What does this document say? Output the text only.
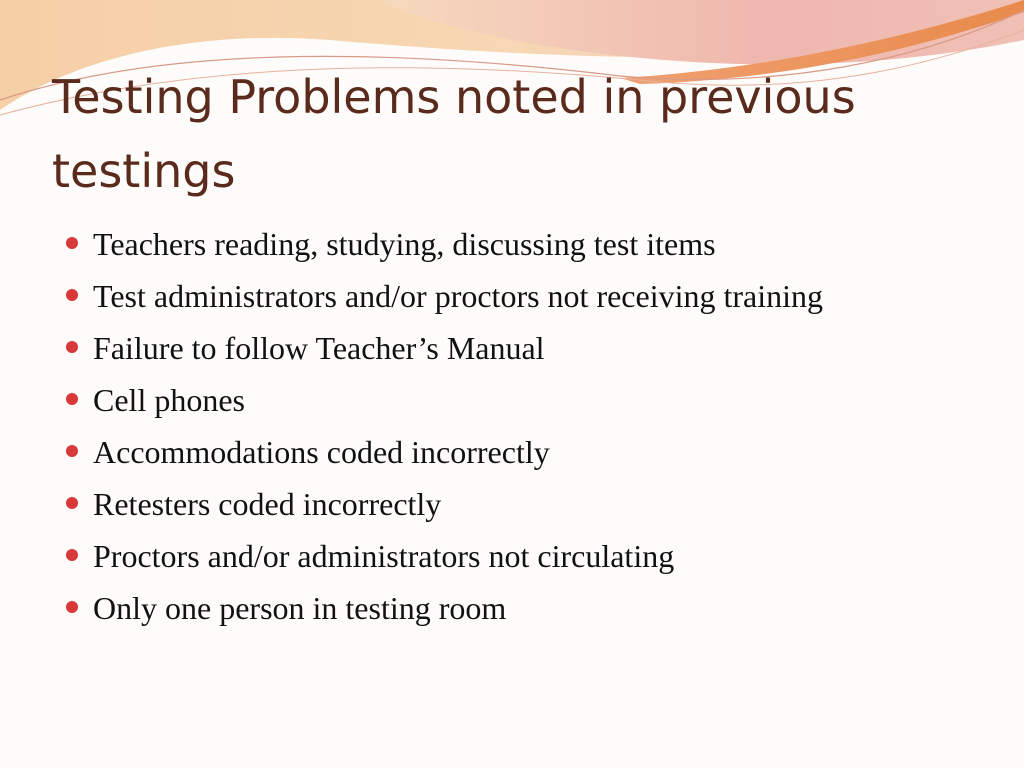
Testing Problems noted in previous testings
Teachers reading, studying, discussing test items
Test administrators and/or proctors not receiving training
Failure to follow Teacher’s Manual
Cell phones
Accommodations coded incorrectly
Retesters coded incorrectly
Proctors and/or administrators not circulating
Only one person in testing room
